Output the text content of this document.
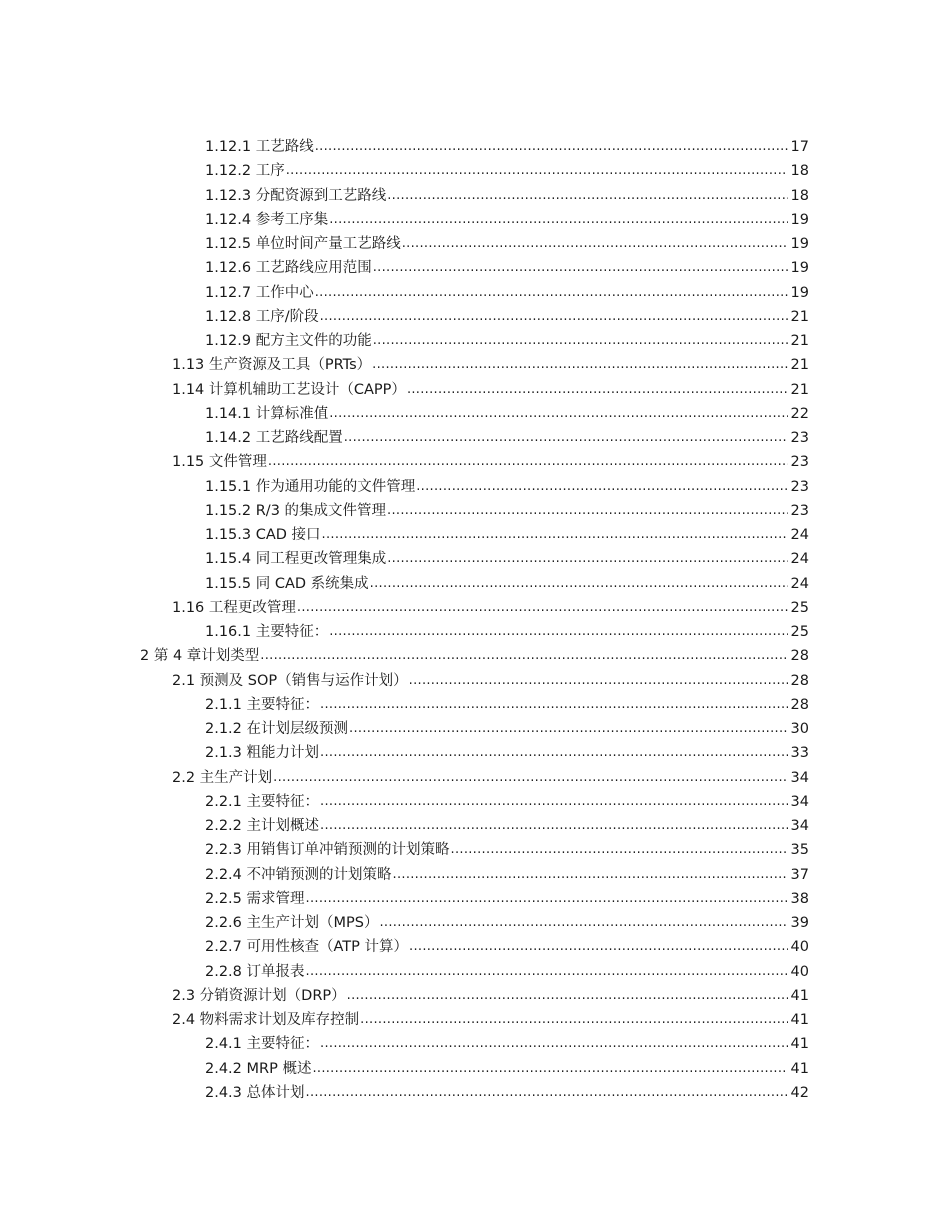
1.12.1 工艺路线 .....	17
1.12.2 工序 .....	18
1.12.3 分配资源到工艺路线 .....	18
1.12.4 参考工序集 .....	19
1.12.5 单位时间产量工艺路线 .....	19
1.12.6 工艺路线应用范围 .....	19
1.12.7 工作中心 .....	19
1.12.8 工序/阶段 .....	21
1.12.9 配方主文件的功能 .....	21
1.13 生产资源及工具（PRTs） .....	21
1.14 计算机辅助工艺设计（CAPP） .....	21
1.14.1 计算标准值 .....	22
1.14.2 工艺路线配置 .....	23
1.15 文件管理 .....	23
1.15.1 作为通用功能的文件管理 .....	23
1.15.2 R/3 的集成文件管理 .....	23
1.15.3 CAD 接口 .....	24
1.15.4 同工程更改管理集成 .....	24
1.15.5 同 CAD 系统集成 .....	24
1.16 工程更改管理 .....	25
1.16.1 主要特征： .....	25
2 第 4 章计划类型 .....	28
2.1 预测及 SOP（销售与运作计划） .....	28
2.1.1 主要特征： .....	28
2.1.2 在计划层级预测 .....	30
2.1.3 粗能力计划 .....	33
2.2 主生产计划 .....	34
2.2.1 主要特征： .....	34
2.2.2 主计划概述 .....	34
2.2.3 用销售订单冲销预测的计划策略 .....	35
2.2.4 不冲销预测的计划策略 .....	37
2.2.5 需求管理 .....	38
2.2.6 主生产计划（MPS） .....	39
2.2.7 可用性核查（ATP 计算） .....	40
2.2.8 订单报表 .....	40
2.3 分销资源计划（DRP） .....	41
2.4 物料需求计划及库存控制 .....	41
2.4.1 主要特征： .....	41
2.4.2 MRP 概述 .....	41
2.4.3 总体计划 .....	42
